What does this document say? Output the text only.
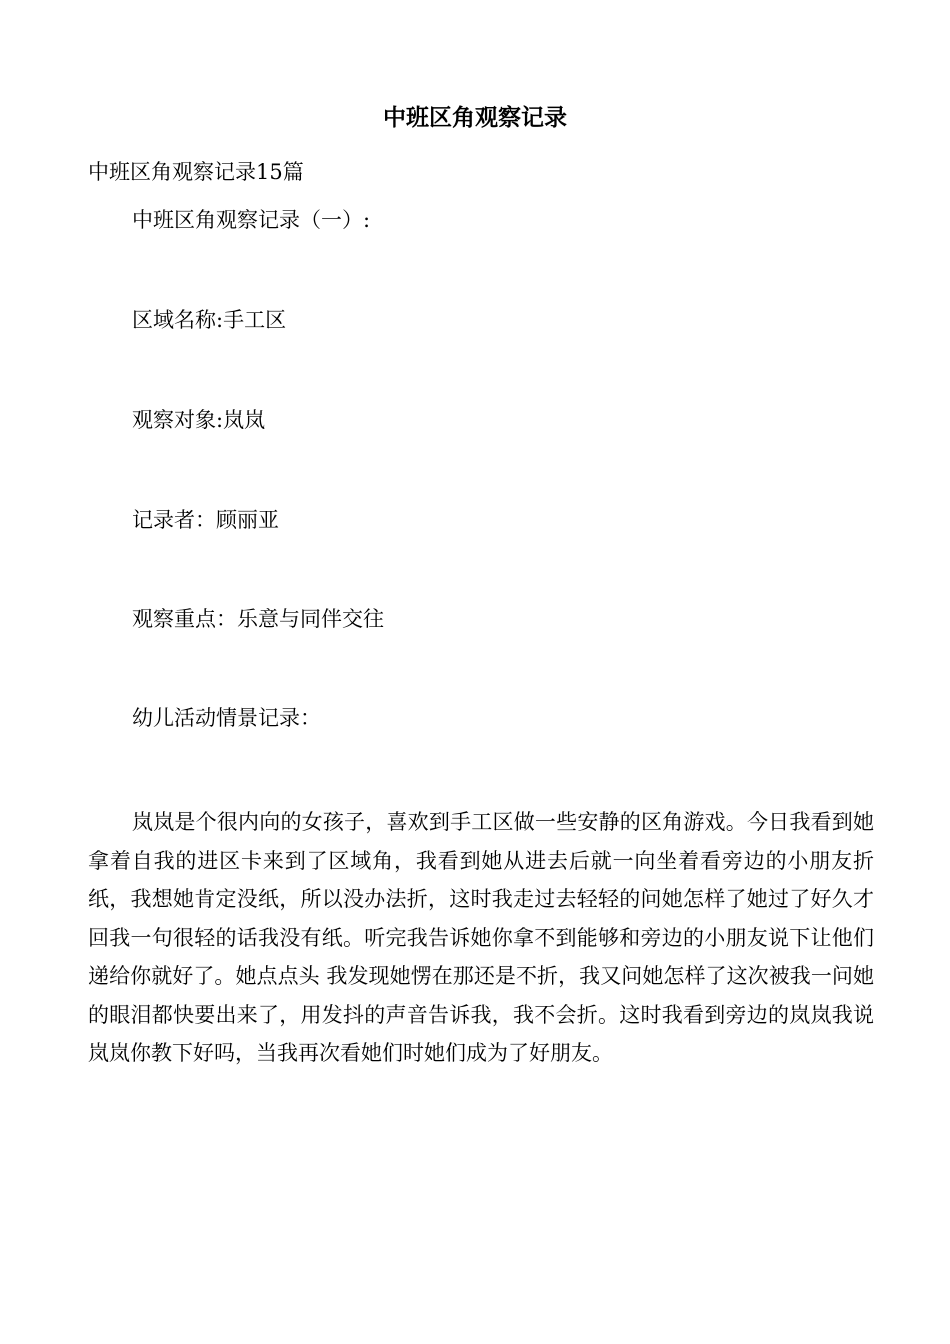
中班区角观察记录

中班区角观察记录15篇

中班区角观察记录（一）:

区域名称:手工区

观察对象:岚岚

记录者：顾丽亚

观察重点：乐意与同伴交往

幼儿活动情景记录：

岚岚是个很内向的女孩子，喜欢到手工区做一些安静的区角游戏。今日我看到她拿着自我的进区卡来到了区域角，我看到她从进去后就一向坐着看旁边的小朋友折纸，我想她肯定没纸，所以没办法折，这时我走过去轻轻的问她怎样了她过了好久才回我一句很轻的话我没有纸。听完我告诉她你拿不到能够和旁边的小朋友说下让他们递给你就好了。她点点头 我发现她愣在那还是不折，我又问她怎样了这次被我一问她的眼泪都快要出来了，用发抖的声音告诉我，我不会折。这时我看到旁边的岚岚我说 岚岚你教下好吗，当我再次看她们时她们成为了好朋友。
